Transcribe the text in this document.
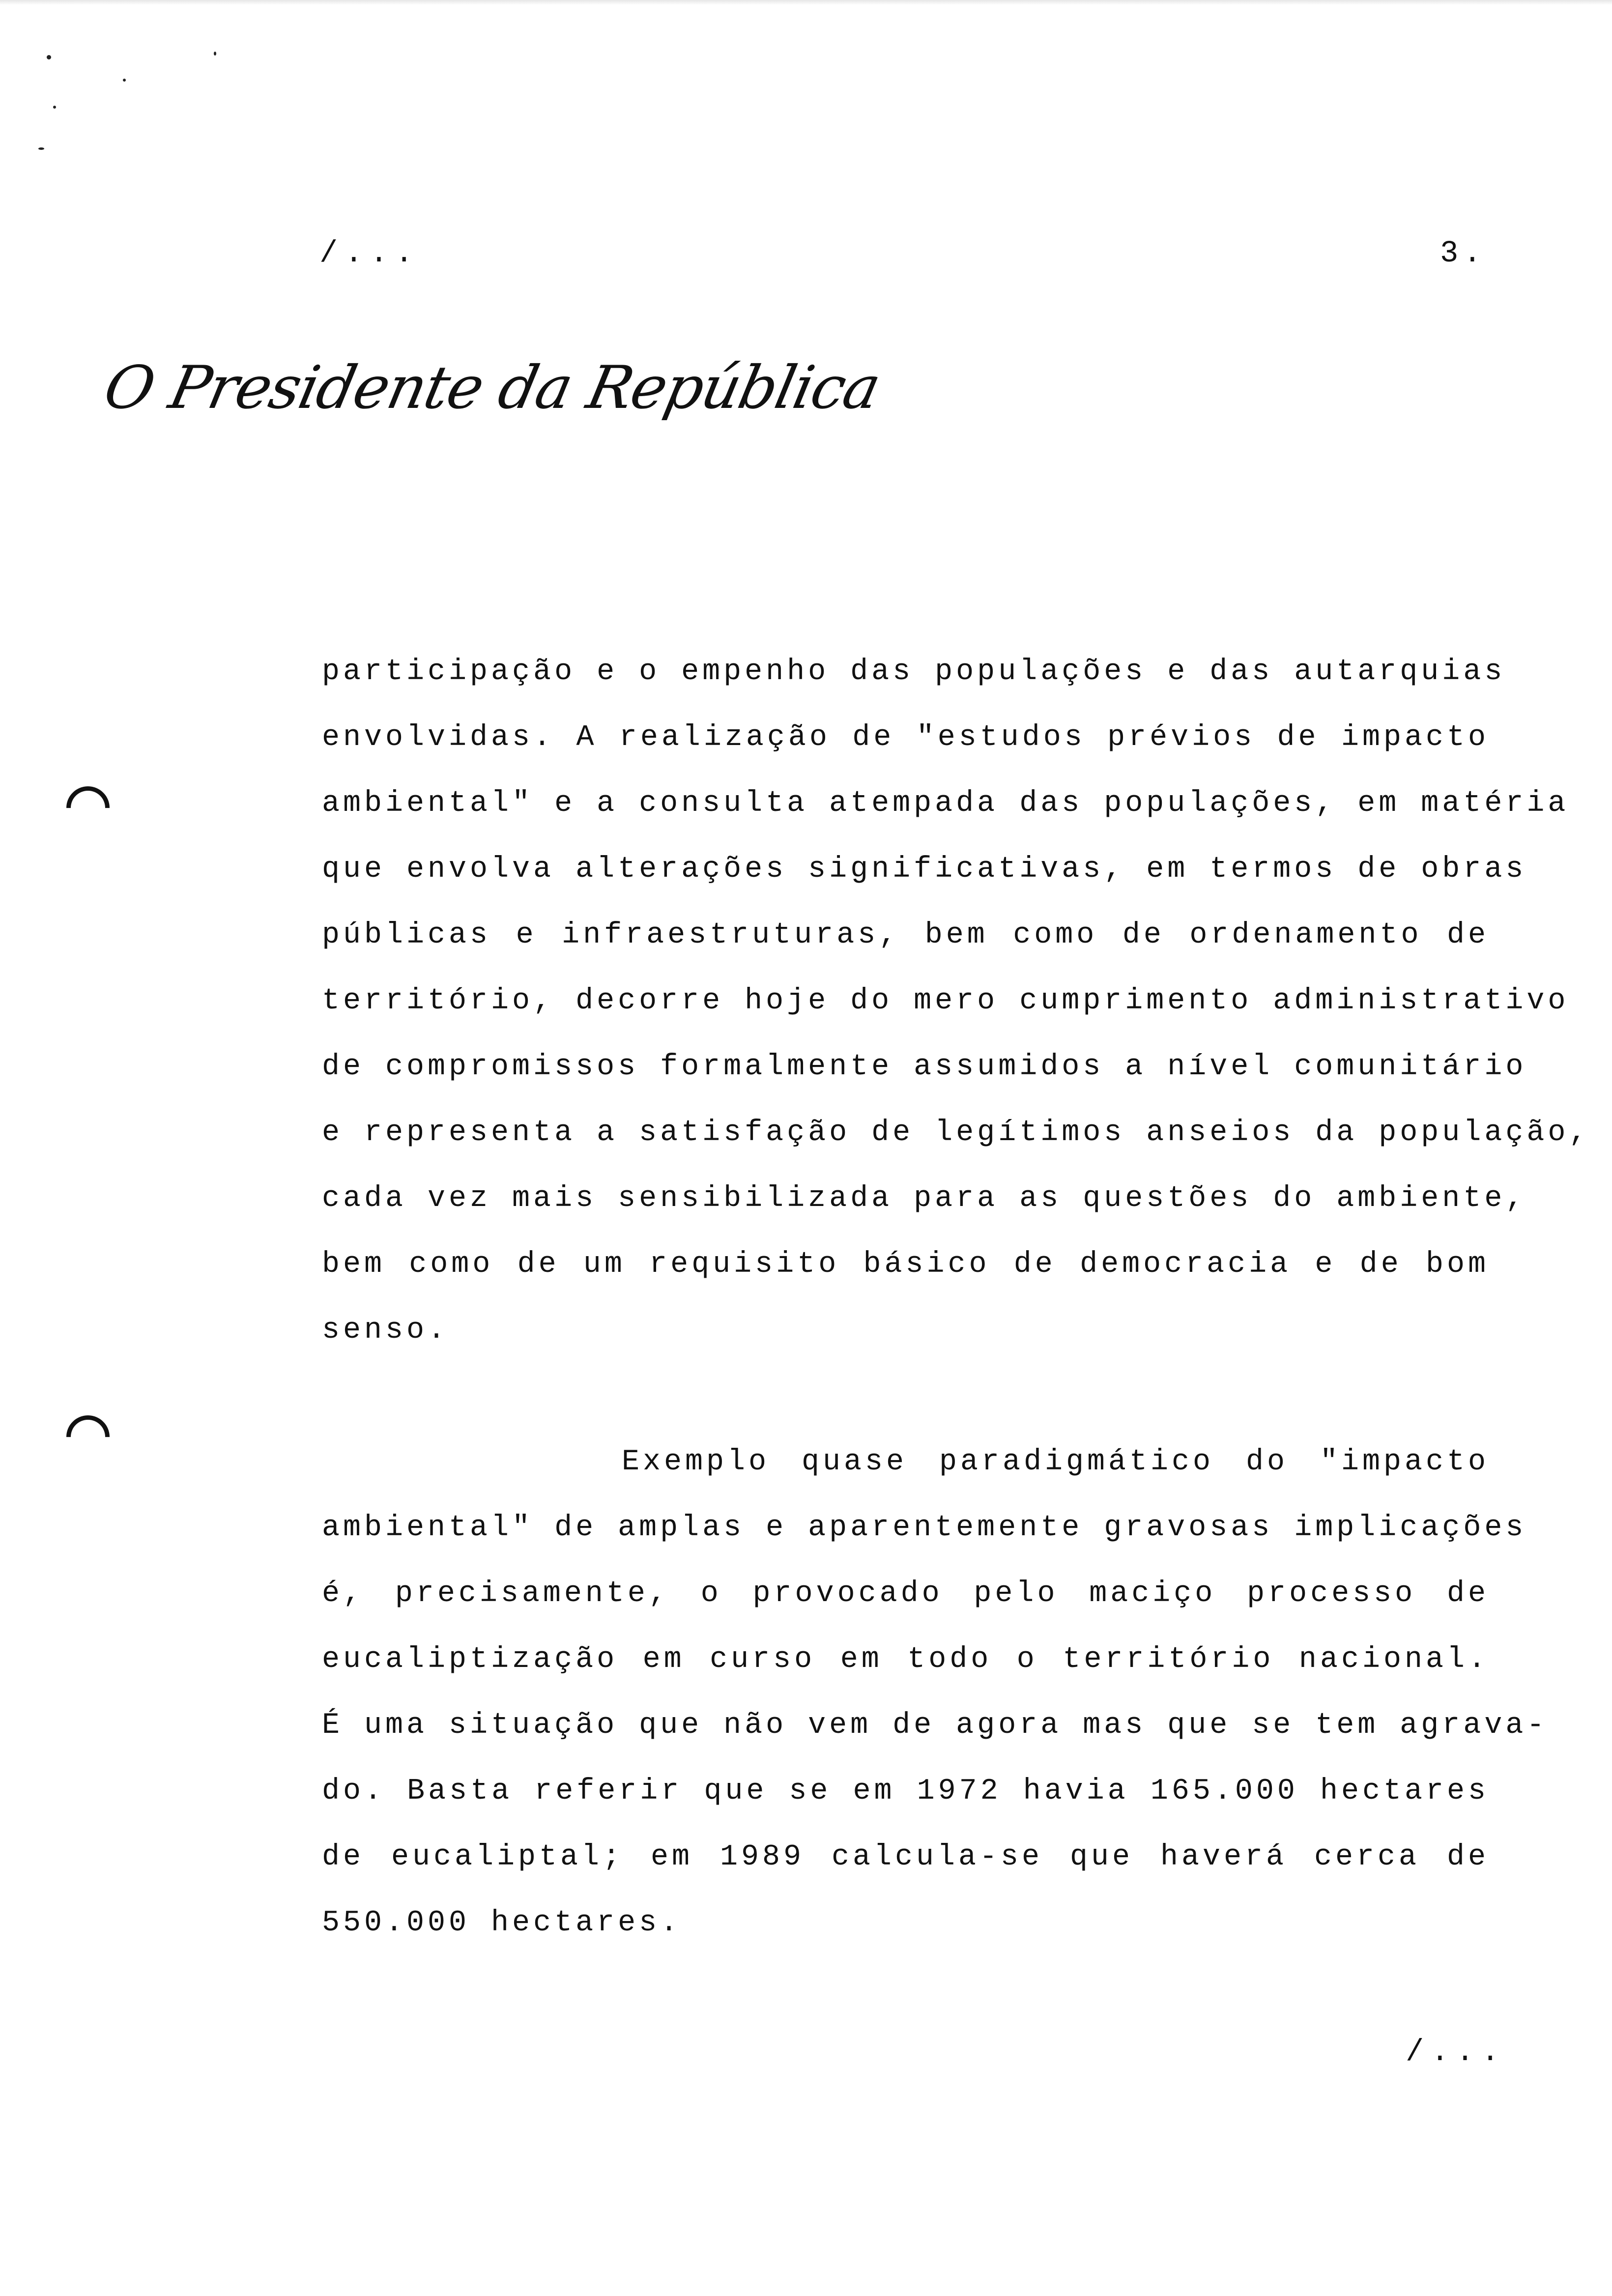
/...	3.
O Presidente da República
participação e o empenho das populações e das autarquias
envolvidas. A realização de "estudos prévios de impacto
ambiental" e a consulta atempada das populações, em matéria
que envolva alterações significativas, em termos de obras
públicas e infraestruturas, bem como de ordenamento de
território, decorre hoje do mero cumprimento administrativo
de compromissos formalmente assumidos a nível comunitário
e representa a satisfação de legítimos anseios da população,
cada vez mais sensibilizada para as questões do ambiente,
bem como de um requisito básico de democracia e de bom
senso.
Exemplo quase paradigmático do "impacto
ambiental" de amplas e aparentemente gravosas implicações
é, precisamente, o provocado pelo maciço processo de
eucaliptização em curso em todo o território nacional.
É uma situação que não vem de agora mas que se tem agrava-
do. Basta referir que se em 1972 havia 165.000 hectares
de eucaliptal; em 1989 calcula-se que haverá cerca de
550.000 hectares.
/...
